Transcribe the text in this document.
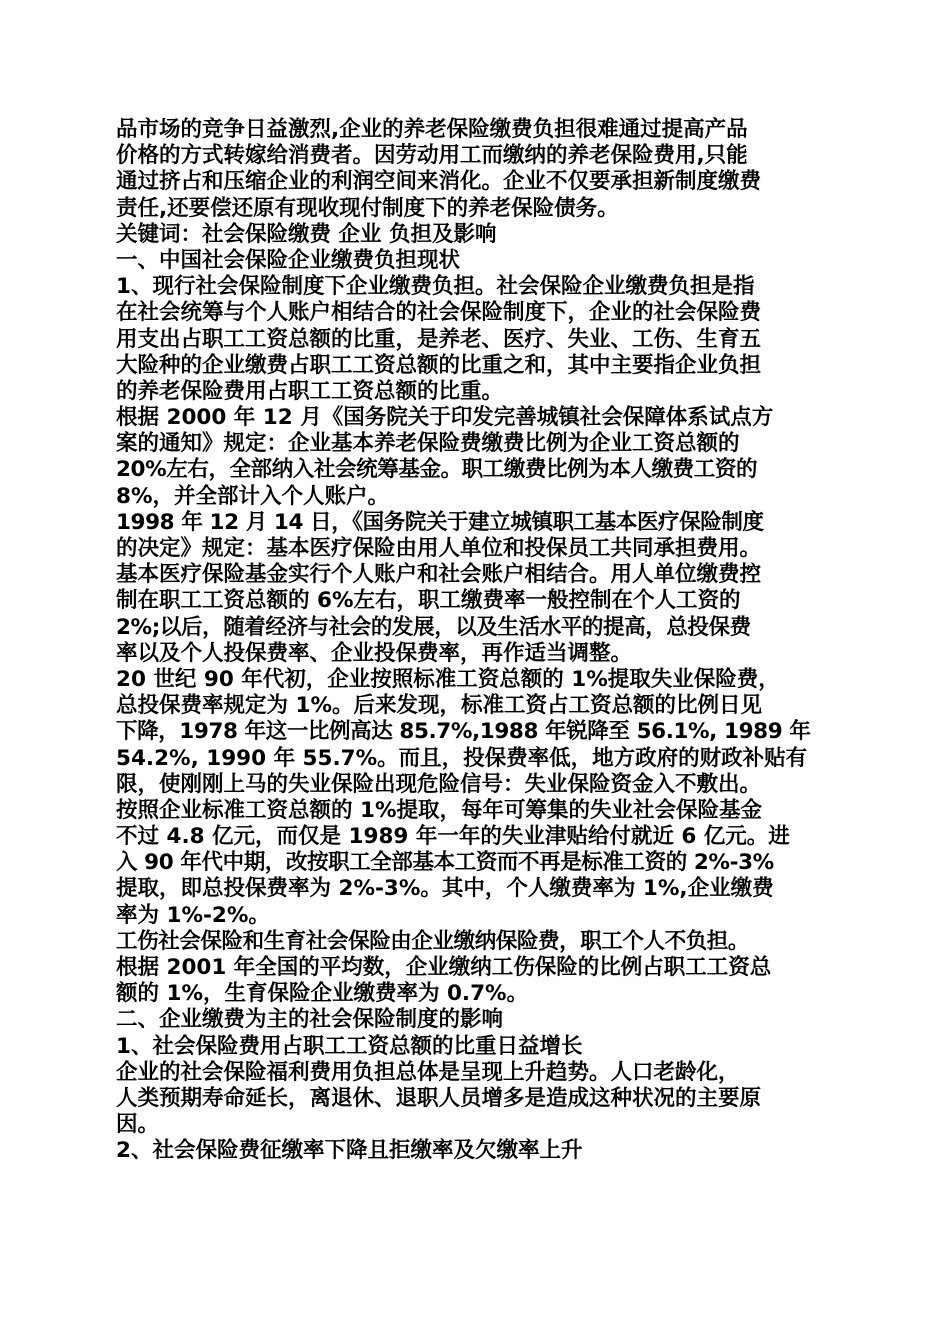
品市场的竞争日益激烈,企业的养老保险缴费负担很难通过提高产品
价格的方式转嫁给消费者。因劳动用工而缴纳的养老保险费用,只能
通过挤占和压缩企业的利润空间来消化。企业不仅要承担新制度缴费
责任,还要偿还原有现收现付制度下的养老保险债务。
关键词：社会保险缴费 企业 负担及影响
一、中国社会保险企业缴费负担现状
1、现行社会保险制度下企业缴费负担。社会保险企业缴费负担是指
在社会统筹与个人账户相结合的社会保险制度下，企业的社会保险费
用支出占职工工资总额的比重，是养老、医疗、失业、工伤、生育五
大险种的企业缴费占职工工资总额的比重之和，其中主要指企业负担
的养老保险费用占职工工资总额的比重。
根据 2000 年 12 月《国务院关于印发完善城镇社会保障体系试点方
案的通知》规定：企业基本养老保险费缴费比例为企业工资总额的
20%左右，全部纳入社会统筹基金。职工缴费比例为本人缴费工资的
8%，并全部计入个人账户。
1998 年 12 月 14 日，《国务院关于建立城镇职工基本医疗保险制度
的决定》规定：基本医疗保险由用人单位和投保员工共同承担费用。
基本医疗保险基金实行个人账户和社会账户相结合。用人单位缴费控
制在职工工资总额的 6%左右，职工缴费率一般控制在个人工资的
2%;以后，随着经济与社会的发展，以及生活水平的提高，总投保费
率以及个人投保费率、企业投保费率，再作适当调整。
20 世纪 90 年代初，企业按照标准工资总额的 1%提取失业保险费，
总投保费率规定为 1%。后来发现，标准工资占工资总额的比例日见
下降，1978 年这一比例高达 85.7%,1988 年锐降至 56.1%, 1989 年
54.2%, 1990 年 55.7%。而且，投保费率低，地方政府的财政补贴有
限，使刚刚上马的失业保险出现危险信号：失业保险资金入不敷出。
按照企业标准工资总额的 1%提取，每年可筹集的失业社会保险基金
不过 4.8 亿元，而仅是 1989 年一年的失业津贴给付就近 6 亿元。进
入 90 年代中期，改按职工全部基本工资而不再是标准工资的 2%-3%
提取，即总投保费率为 2%-3%。其中，个人缴费率为 1%,企业缴费
率为 1%-2%。
工伤社会保险和生育社会保险由企业缴纳保险费，职工个人不负担。
根据 2001 年全国的平均数，企业缴纳工伤保险的比例占职工工资总
额的 1%，生育保险企业缴费率为 0.7%。
二、企业缴费为主的社会保险制度的影响
1、社会保险费用占职工工资总额的比重日益增长
企业的社会保险福利费用负担总体是呈现上升趋势。人口老龄化，
人类预期寿命延长，离退休、退职人员增多是造成这种状况的主要原
因。
2、社会保险费征缴率下降且拒缴率及欠缴率上升
